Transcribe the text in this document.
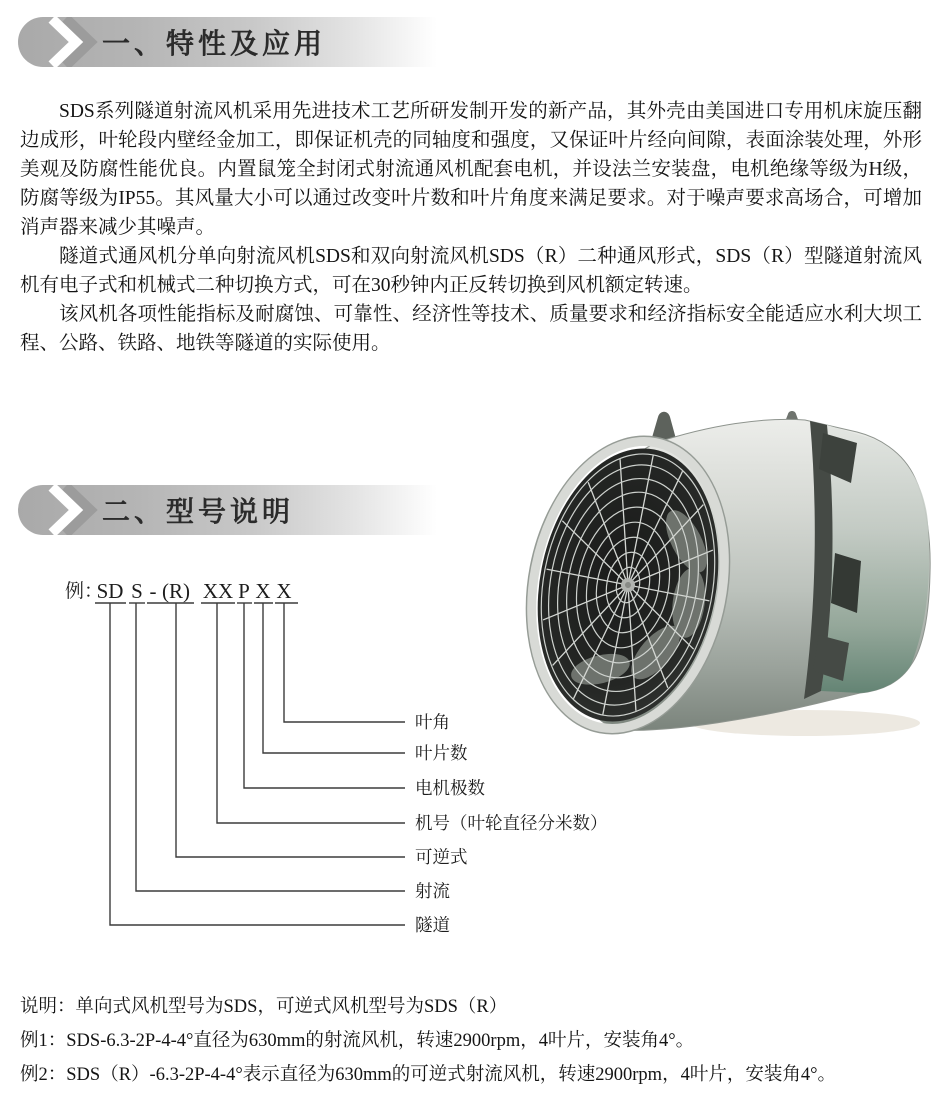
一、特性及应用

SDS系列隧道射流风机采用先进技术工艺所研发制开发的新产品，其外壳由美国进口专用机床旋压翻边成形，叶轮段内壁经金加工，即保证机壳的同轴度和强度，又保证叶片经向间隙，表面涂装处理，外形美观及防腐性能优良。内置鼠笼全封闭式射流通风机配套电机，并设法兰安装盘，电机绝缘等级为H级，防腐等级为IP55。其风量大小可以通过改变叶片数和叶片角度来满足要求。对于噪声要求高场合，可增加消声器来减少其噪声。

隧道式通风机分单向射流风机SDS和双向射流风机SDS（R）二种通风形式，SDS（R）型隧道射流风机有电子式和机械式二种切换方式，可在30秒钟内正反转切换到风机额定转速。

该风机各项性能指标及耐腐蚀、可靠性、经济性等技术、质量要求和经济指标安全能适应水利大坝工程、公路、铁路、地铁等隧道的实际使用。

二、型号说明
例：
SD S - (R) XX P X X
叶角
叶片数
电机极数
机号（叶轮直径分米数）
可逆式
射流
隧道

说明：单向式风机型号为SDS，可逆式风机型号为SDS（R）

例1：SDS-6.3-2P-4-4°直径为630mm的射流风机，转速2900rpm，4叶片，安装角4°。

例2：SDS（R）-6.3-2P-4-4°表示直径为630mm的可逆式射流风机，转速2900rpm，4叶片，安装角4°。
